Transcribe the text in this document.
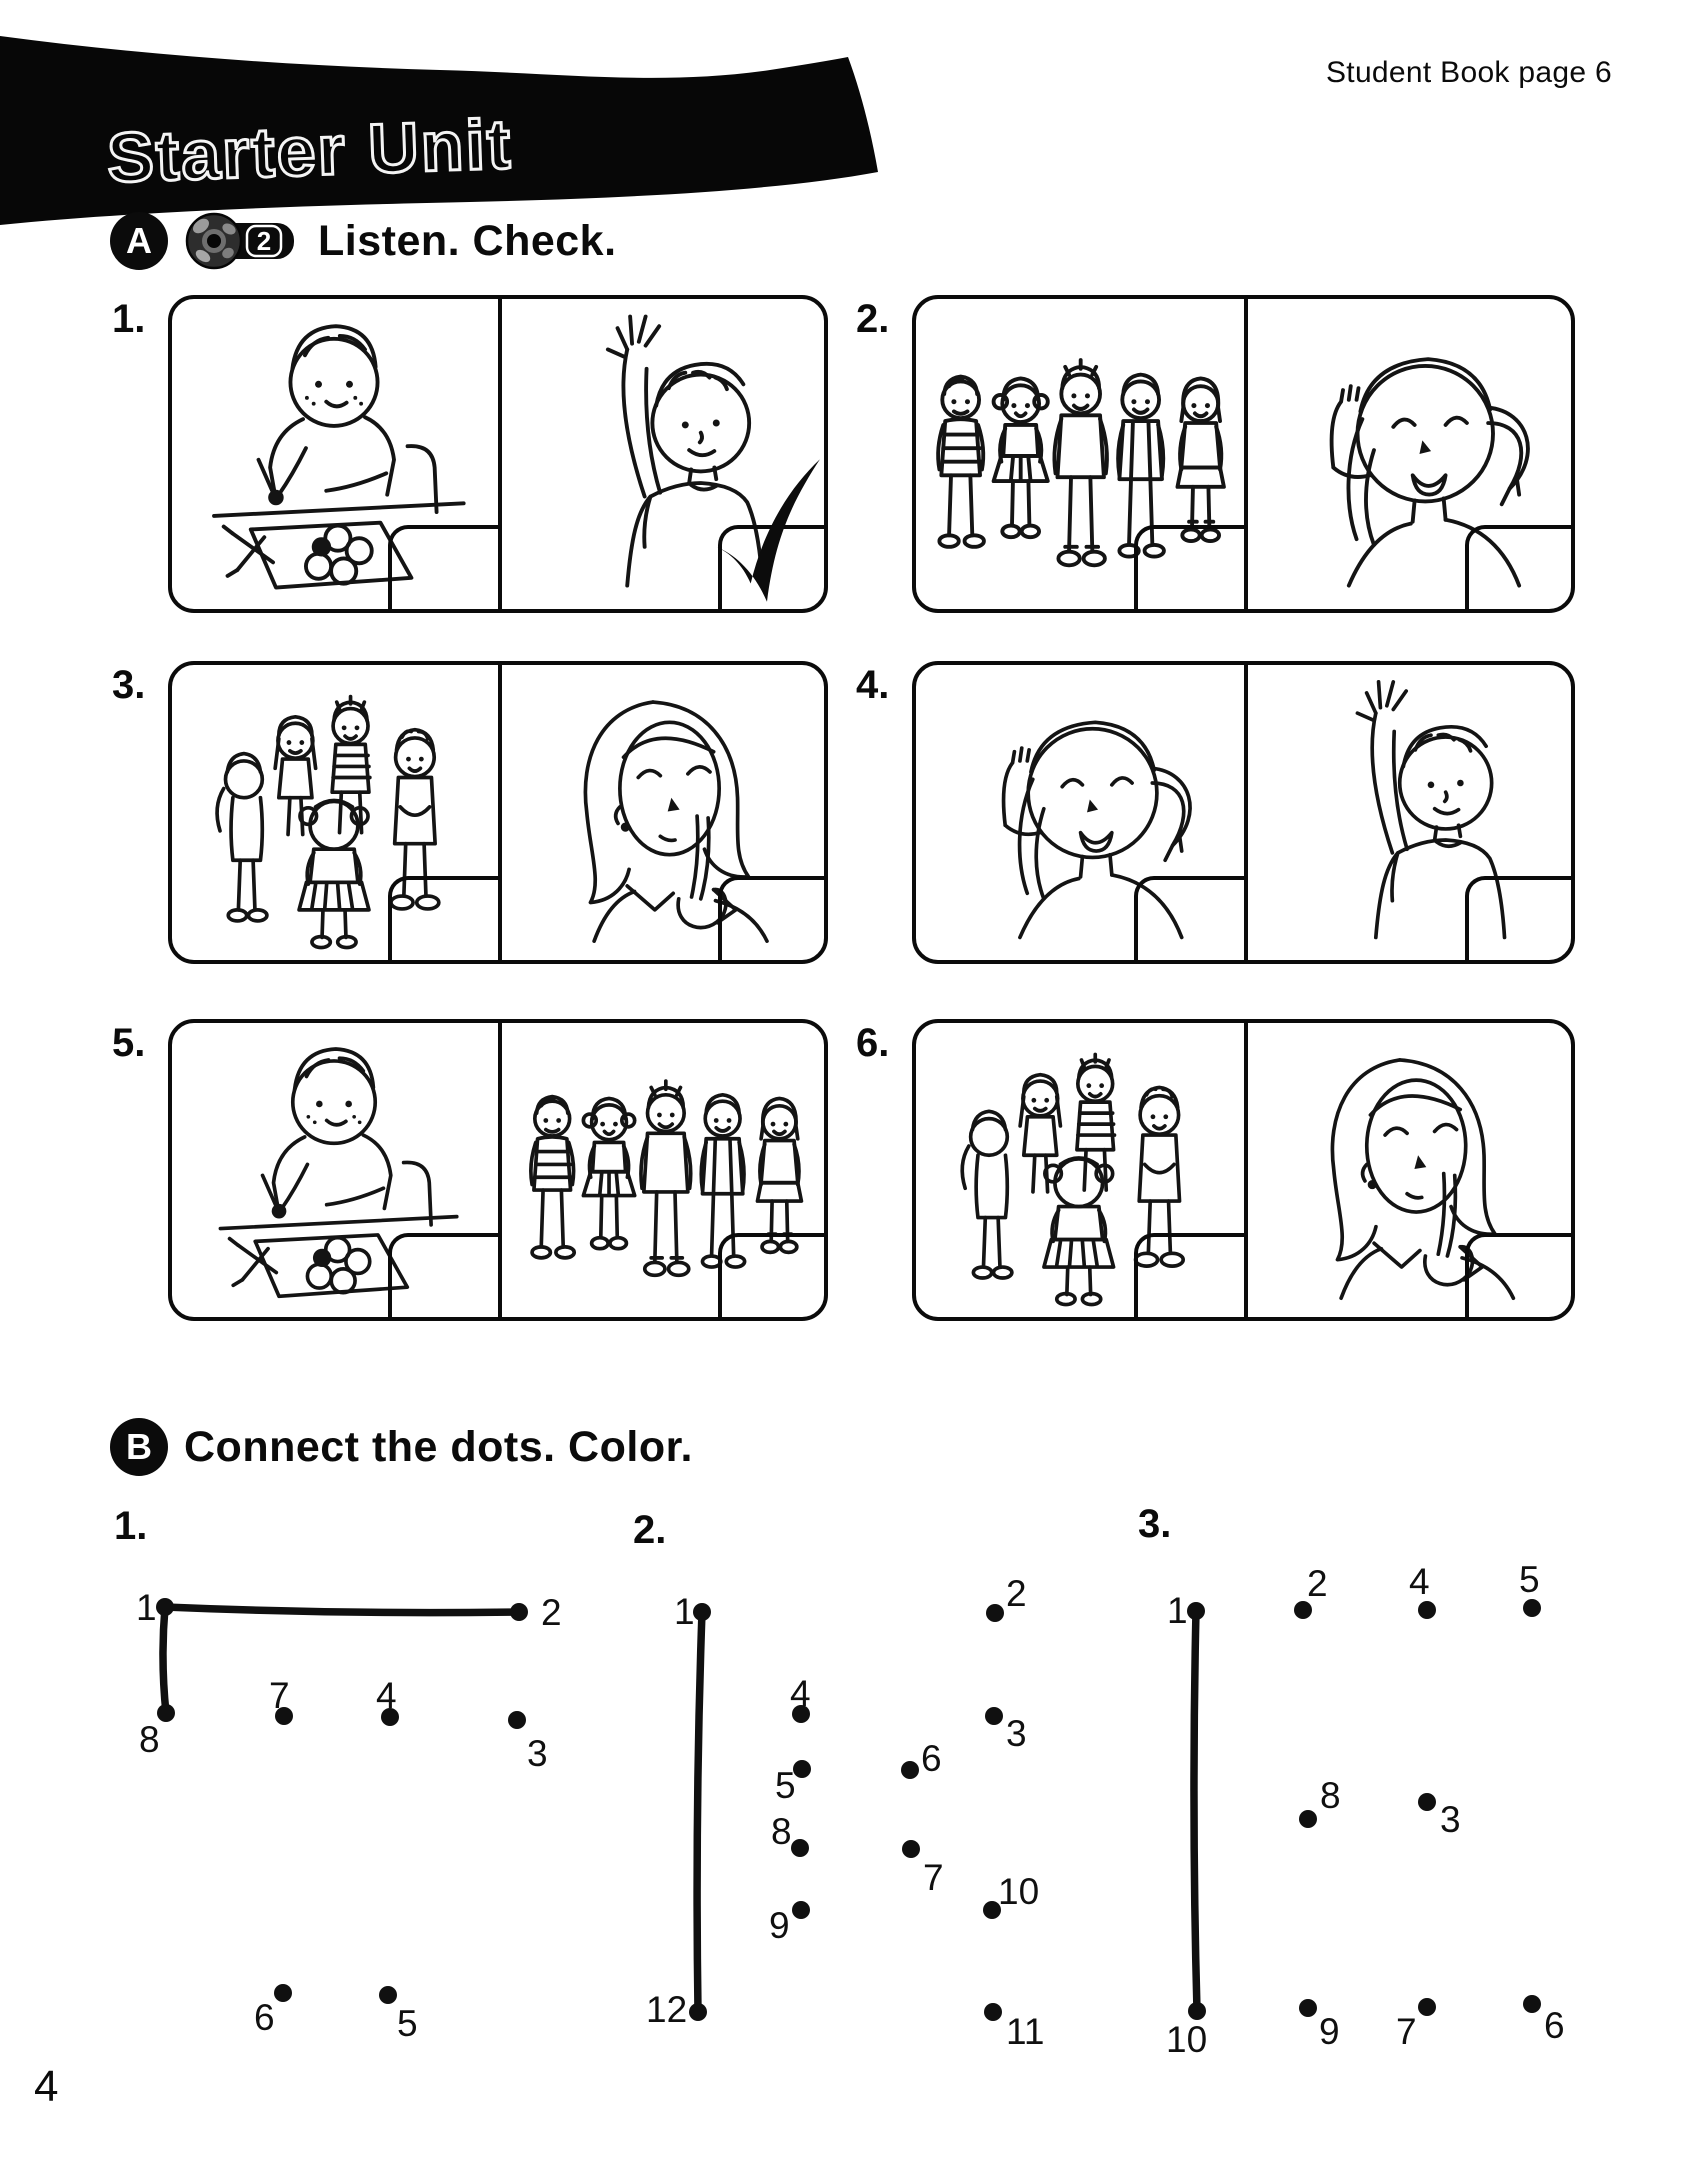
Starter Unit
Student Book page 6
A	2 Listen. Check.
1.	2.
3.	4.
5.	6.
B Connect the dots. Color.
1.	2.	3.
1	2
3
4
5
6
7
8
1	2
3
4
5
6
7
8
9
10
11
12
1
2
3
4 5
6
7
8
9
10
4
